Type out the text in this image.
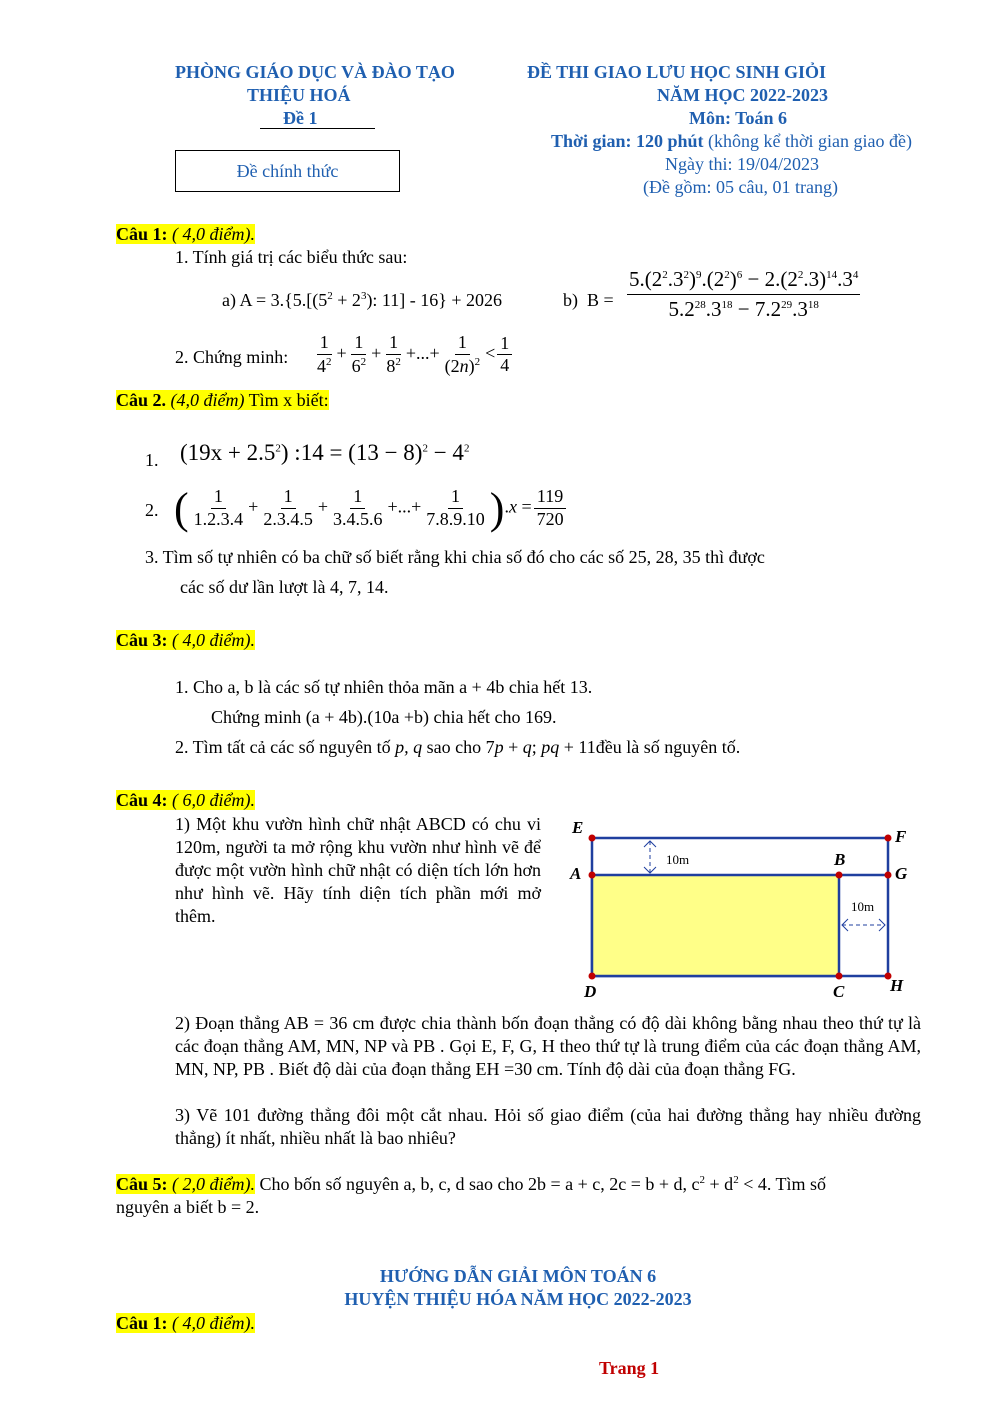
PHÒNG GIÁO DỤC VÀ ĐÀO TẠO
THIỆU HOÁ
Đề 1
Đề chính thức
ĐỀ THI GIAO LƯU HỌC SINH GIỎI
NĂM HỌC 2022-2023
Môn: Toán 6
Thời gian: 120 phút (không kể thời gian giao đề)
Ngày thi: 19/04/2023
(Đề gồm: 05 câu, 01 trang)
Câu 1: ( 4,0 điểm).
1. Tính giá trị các biểu thức sau:
a) $A = 3.\{5.[(5^2 + 2^3)$: 11] - 16} + 2026	b)  $B = \frac{5.(2^2.3^2)^9.(2^2)^6 - 2.(2^2.3)^{14}.3^4}{5.2^{28}.3^{18} - 7.2^{29}.3^{18}}$
2. Chứng minh: $\frac{1}{4^2} + \frac{1}{6^2} + \frac{1}{8^2}$ +...+ $\frac{1}{(2n)^2} < \frac{1}{4}$
Câu 2. (4,0 điểm) Tìm x biết:
1. $(19x + 2.5^2)$ :14 = $(13 - 8)^2 - 4^2$
2. ( $\frac{1}{1.2.3.4} + \frac{1}{2.3.4.5} + \frac{1}{3.4.5.6}$ +...+ $\frac{1}{7.8.9.10} ).x = \frac{119}{720}$
3. Tìm số tự nhiên có ba chữ số biết rằng khi chia số đó cho các số 25, 28, 35 thì được
các số dư lần lượt là 4, 7, 14.
Câu 3: ( 4,0 điểm).
1. Cho a, b là các số tự nhiên thỏa mãn a + 4b chia hết 13.
Chứng minh (a + 4b).(10a +b) chia hết cho 169.
2. Tìm tất cả các số nguyên tố p, q sao cho 7p + q; pq + 11đều là số nguyên tố.
Câu 4: ( 6,0 điểm).
1) Một khu vườn hình chữ nhật ABCD có chu vi 120m, người ta mở rộng khu vườn như hình vẽ để được một vườn hình chữ nhật có diện tích lớn hơn như hình vẽ. Hãy tính diện tích phần mới mở thêm.
E	F
A
B
G
D	C	H
10m
10m
2) Đoạn thẳng AB = 36 cm được chia thành bốn đoạn thẳng có độ dài không bằng nhau theo thứ tự là các đoạn thẳng AM, MN, NP và PB . Gọi E, F, G, H theo thứ tự là trung điểm của các đoạn thẳng AM, MN, NP, PB . Biết độ dài của đoạn thẳng EH =30 cm. Tính độ dài của đoạn thẳng FG.
3) Vẽ 101 đường thẳng đôi một cắt nhau. Hỏi số giao điểm (của hai đường thẳng hay nhiều đường thẳng) ít nhất, nhiều nhất là bao nhiêu?
Câu 5: ( 2,0 điểm). Cho bốn số nguyên a, b, c, d sao cho 2b = a + c, 2c = b + d, $c^2 + d^2 < 4$. Tìm số
nguyên a biết b = 2.
HƯỚNG DẪN GIẢI MÔN TOÁN 6
HUYỆN THIỆU HÓA NĂM HỌC 2022-2023
Câu 1: ( 4,0 điểm).
Trang 1
